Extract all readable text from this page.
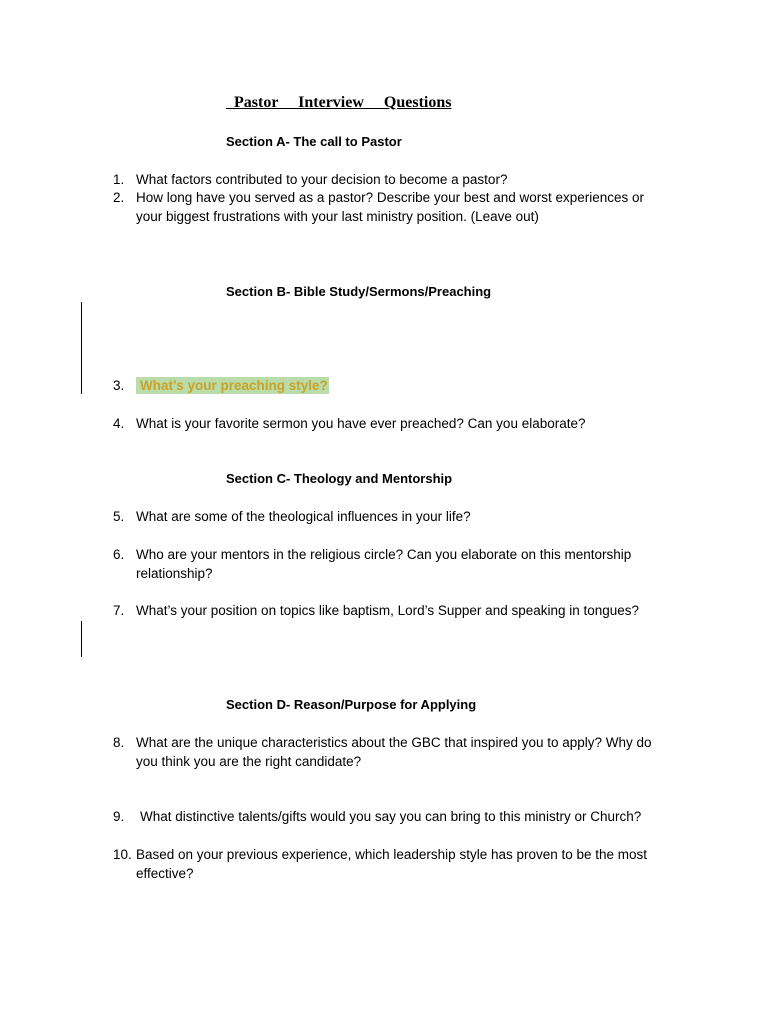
Pastor     Interview     Questions
Section A- The call to Pastor
1. What factors contributed to your decision to become a pastor?
2. How long have you served as a pastor? Describe your best and worst experiences or your biggest frustrations with your last ministry position. (Leave out)
Section B- Bible Study/Sermons/Preaching
3. What’s your preaching style?
4. What is your favorite sermon you have ever preached? Can you elaborate?
Section C- Theology and Mentorship
5. What are some of the theological influences in your life?
6. Who are your mentors in the religious circle? Can you elaborate on this mentorship relationship?
7. What’s your position on topics like baptism, Lord’s Supper and speaking in tongues?
Section D- Reason/Purpose for Applying
8. What are the unique characteristics about the GBC that inspired you to apply? Why do you think you are the right candidate?
9. What distinctive talents/gifts would you say you can bring to this ministry or Church?
10. Based on your previous experience, which leadership style has proven to be the most effective?
